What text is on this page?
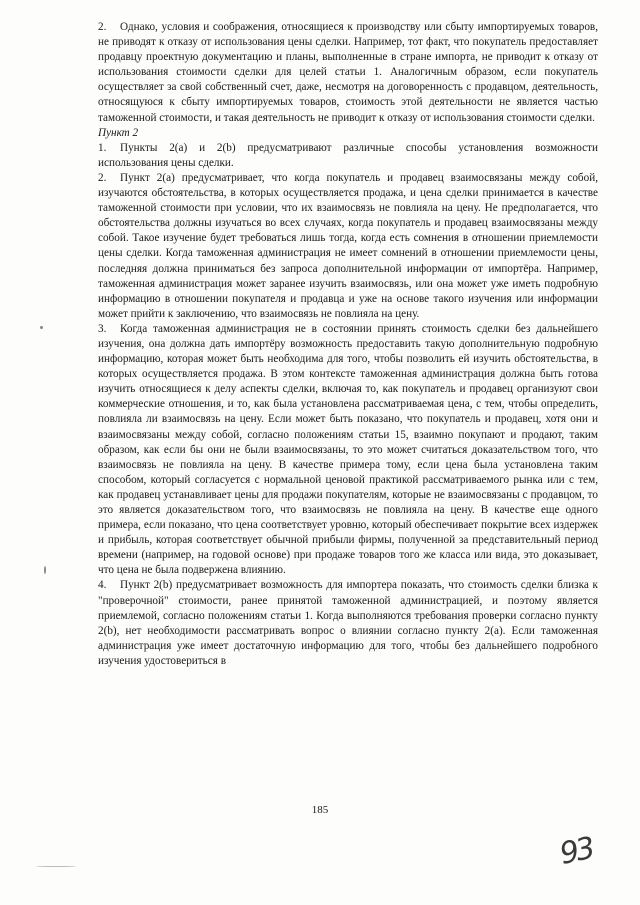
2. Однако, условия и соображения, относящиеся к производству или сбыту импортируемых товаров, не приводят к отказу от использования цены сделки. Например, тот факт, что покупатель предоставляет продавцу проектную документацию и планы, выполненные в стране импорта, не приводит к отказу от использования стоимости сделки для целей статьи 1. Аналогичным образом, если покупатель осуществляет за свой собственный счет, даже, несмотря на договоренность с продавцом, деятельность, относящуюся к сбыту импортируемых товаров, стоимость этой деятельности не является частью таможенной стоимости, и такая деятельность не приводит к отказу от использования стоимости сделки.

Пункт 2

1. Пункты 2(а) и 2(b) предусматривают различные способы установления возможности использования цены сделки.

2. Пункт 2(а) предусматривает, что когда покупатель и продавец взаимосвязаны между собой, изучаются обстоятельства, в которых осуществляется продажа, и цена сделки принимается в качестве таможенной стоимости при условии, что их взаимосвязь не повлияла на цену. Не предполагается, что обстоятельства должны изучаться во всех случаях, когда покупатель и продавец взаимосвязаны между собой. Такое изучение будет требоваться лишь тогда, когда есть сомнения в отношении приемлемости цены сделки. Когда таможенная администрация не имеет сомнений в отношении приемлемости цены, последняя должна приниматься без запроса дополнительной информации от импортёра. Например, таможенная администрация может заранее изучить взаимосвязь, или она может уже иметь подробную информацию в отношении покупателя и продавца и уже на основе такого изучения или информации может прийти к заключению, что взаимосвязь не повлияла на цену.

3. Когда таможенная администрация не в состоянии принять стоимость сделки без дальнейшего изучения, она должна дать импортёру возможность предоставить такую дополнительную подробную информацию, которая может быть необходима для того, чтобы позволить ей изучить обстоятельства, в которых осуществляется продажа. В этом контексте таможенная администрация должна быть готова изучить относящиеся к делу аспекты сделки, включая то, как покупатель и продавец организуют свои коммерческие отношения, и то, как была установлена рассматриваемая цена, с тем, чтобы определить, повлияла ли взаимосвязь на цену. Если может быть показано, что покупатель и продавец, хотя они и взаимосвязаны между собой, согласно положениям статьи 15, взаимно покупают и продают, таким образом, как если бы они не были взаимосвязаны, то это может считаться доказательством того, что взаимосвязь не повлияла на цену. В качестве примера тому, если цена была установлена таким способом, который согласуется с нормальной ценовой практикой рассматриваемого рынка или с тем, как продавец устанавливает цены для продажи покупателям, которые не взаимосвязаны с продавцом, то это является доказательством того, что взаимосвязь не повлияла на цену. В качестве еще одного примера, если показано, что цена соответствует уровню, который обеспечивает покрытие всех издержек и прибыль, которая соответствует обычной прибыли фирмы, полученной за представительный период времени (например, на годовой основе) при продаже товаров того же класса или вида, это доказывает, что цена не была подвержена влиянию.

4. Пункт 2(b) предусматривает возможность для импортера показать, что стоимость сделки близка к "проверочной" стоимости, ранее принятой таможенной администрацией, и поэтому является приемлемой, согласно положениям статьи 1. Когда выполняются требования проверки согласно пункту 2(b), нет необходимости рассматривать вопрос о влиянии согласно пункту 2(а). Если таможенная администрация уже имеет достаточную информацию для того, чтобы без дальнейшего подробного изучения удостовериться в

185
93
